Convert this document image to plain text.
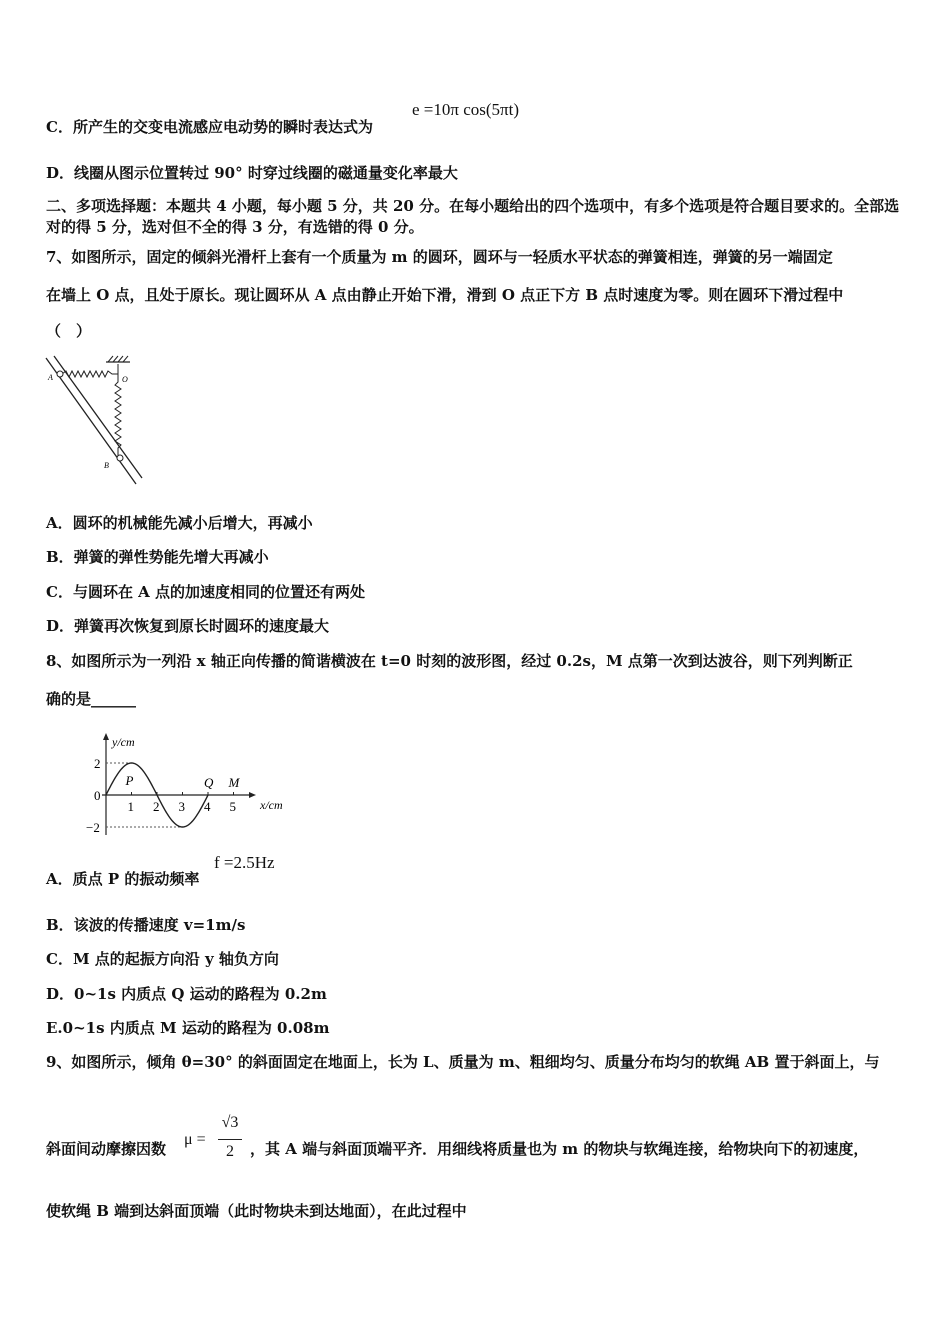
C．所产生的交变电流感应电动势的瞬时表达式为
e =10π cos(5πt)
D．线圈从图示位置转过 90° 时穿过线圈的磁通量变化率最大
二、多项选择题：本题共 4 小题，每小题 5 分，共 20 分。在每小题给出的四个选项中，有多个选项是符合题目要求的。全部选对的得 5 分，选对但不全的得 3 分，有选错的得 0 分。
7、如图所示，固定的倾斜光滑杆上套有一个质量为 m 的圆环，圆环与一轻质水平状态的弹簧相连，弹簧的另一端固定
在墙上 O 点，且处于原长。现让圆环从 A 点由静止开始下滑，滑到 O 点正下方 B 点时速度为零。则在圆环下滑过程中
（　）
A	O
B
A．圆环的机械能先减小后增大，再减小
B．弹簧的弹性势能先增大再减小
C．与圆环在 A 点的加速度相同的位置还有两处
D．弹簧再次恢复到原长时圆环的速度最大
8、如图所示为一列沿 x 轴正向传播的简谐横波在 t=0 时刻的波形图，经过 0.2s，M 点第一次到达波谷，则下列判断正
确的是______
y/cm
x/cm
1 2 3 4 5
2
0
−2
P	Q M
A．质点 P 的振动频率
f =2.5Hz
B．该波的传播速度 v=1m/s
C．M 点的起振方向沿 y 轴负方向
D．0~1s 内质点 Q 运动的路程为 0.2m
E.0~1s 内质点 M 运动的路程为 0.08m
9、如图所示，倾角 θ=30° 的斜面固定在地面上，长为 L、质量为 m、粗细均匀、质量分布均匀的软绳 AB 置于斜面上，与
斜面间动摩擦因数
μ =
√3
2	，其 A 端与斜面顶端平齐．用细线将质量也为 m 的物块与软绳连接，给物块向下的初速度，
使软绳 B 端到达斜面顶端（此时物块未到达地面），在此过程中
